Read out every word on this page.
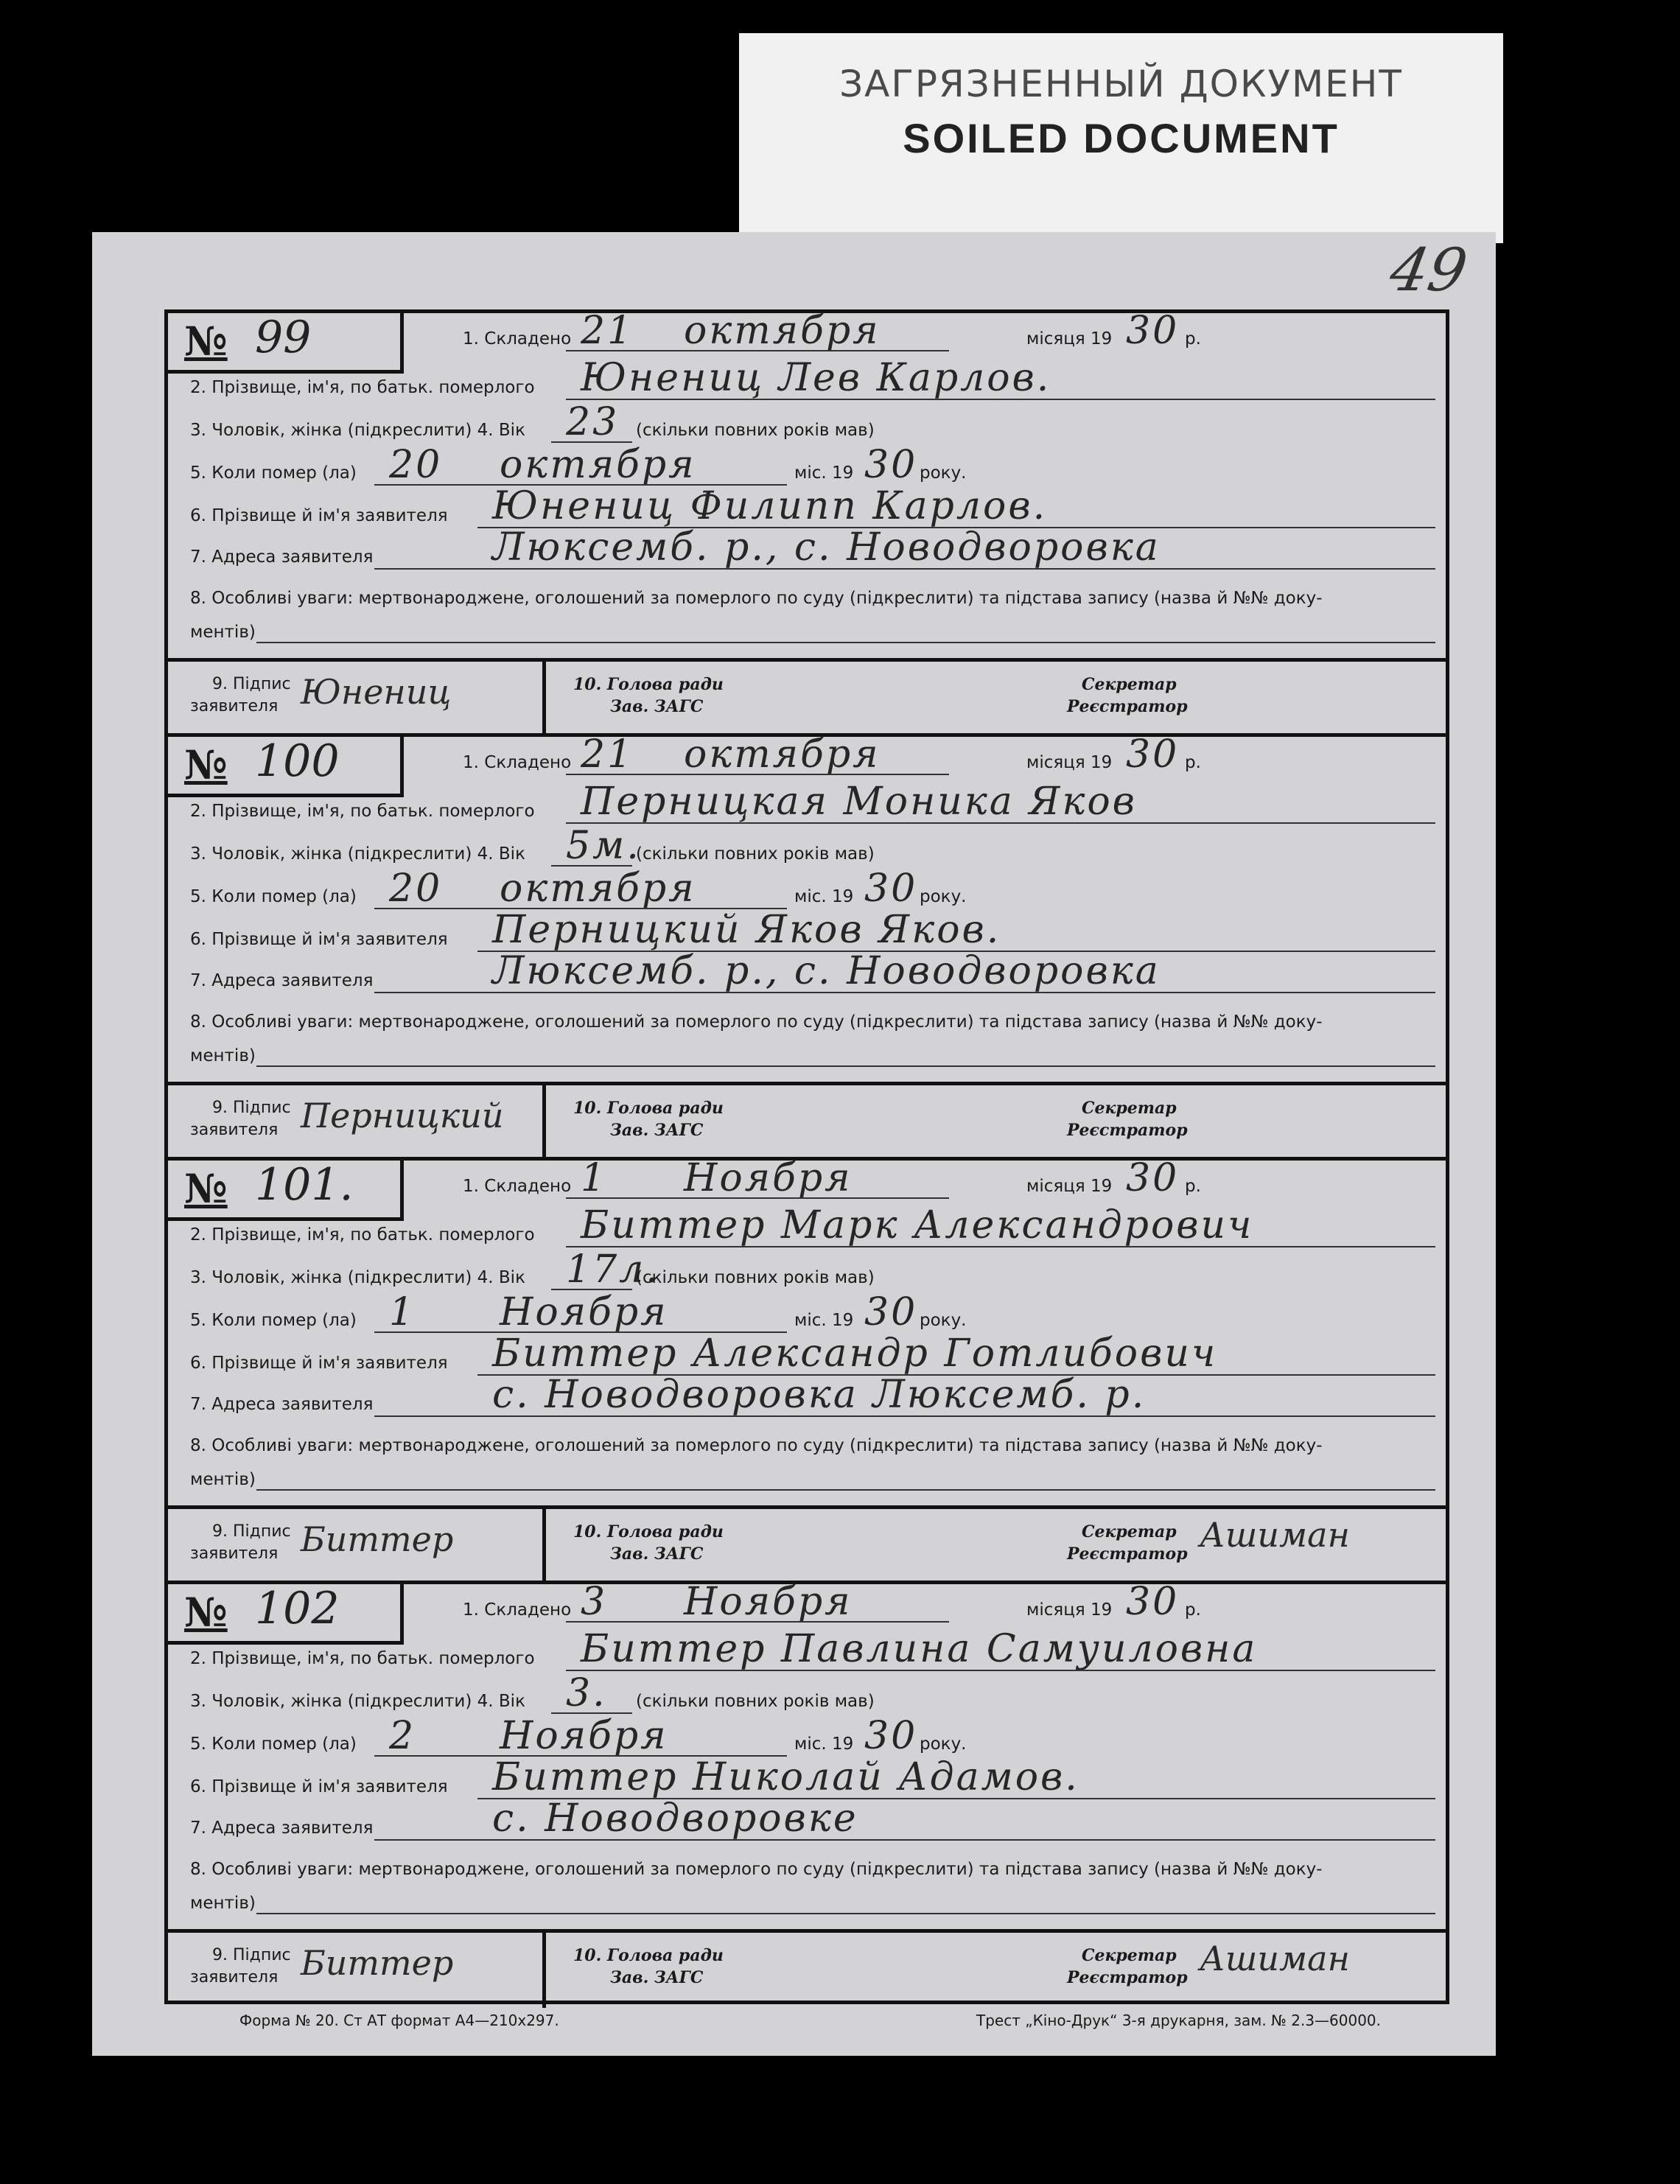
ЗАГРЯЗНЕННЫЙ ДОКУМЕНТ
SOILED DOCUMENT
49
№ 99	1. Складено 21 октября	місяця 19 30 р.
2. Прізвище, ім'я, по батьк. померлого Юнениц Лев Карлов.
3. Чоловік, жінка (підкреслити) 4. Вік 23 (скільки повних років мав)
5. Коли помер (ла) 20 октября	міс. 19 30 року.
6. Прізвище й ім'я заявителя Юнениц Филипп Карлов.
7. Адреса заявителя	Люксемб. р., с. Новодворовка
8. Особливі уваги: мертвонароджене, оголошений за померлого по суду (підкреслити) та підстава запису (назва й №№ доку-
ментів)
9. Підпис
заявителя Юнениц	10. Голова ради
Зав. ЗАГС
Секретар
Реєстратор
№ 100	1. Складено 21 октября	місяця 19 30 р.
2. Прізвище, ім'я, по батьк. померлого Перницкая Моника Яков
3. Чоловік, жінка (підкреслити) 4. Вік 5м.
(скільки повних років мав)
5. Коли помер (ла) 20 октября	міс. 19 30 року.
6. Прізвище й ім'я заявителя Перницкий Яков Яков.
7. Адреса заявителя	Люксемб. р., с. Новодворовка
8. Особливі уваги: мертвонароджене, оголошений за померлого по суду (підкреслити) та підстава запису (назва й №№ доку-
ментів)
9. Підпис
заявителя Перницкий	10. Голова ради
Зав. ЗАГС
Секретар
Реєстратор
№ 101.	1. Складено 1 Ноября	місяця 19 30 р.
2. Прізвище, ім'я, по батьк. померлого Биттер Марк Александрович
3. Чоловік, жінка (підкреслити) 4. Вік 17л.
(скільки повних років мав)
5. Коли помер (ла) 1 Ноября	міс. 19 30 року.
6. Прізвище й ім'я заявителя Биттер Александр Готлибович
7. Адреса заявителя	с. Новодворовка Люксемб. р.
8. Особливі уваги: мертвонароджене, оголошений за померлого по суду (підкреслити) та підстава запису (назва й №№ доку-
ментів)
9. Підпис
заявителя Биттер	10. Голова ради
Зав. ЗАГС
Секретар
Реєстратор Ашиман
№ 102	1. Складено 3 Ноября	місяця 19 30 р.
2. Прізвище, ім'я, по батьк. померлого Биттер Павлина Самуиловна
3. Чоловік, жінка (підкреслити) 4. Вік 3. (скільки повних років мав)
5. Коли помер (ла) 2 Ноября	міс. 19 30 року.
6. Прізвище й ім'я заявителя Биттер Николай Адамов.
7. Адреса заявителя	с. Новодворовке
8. Особливі уваги: мертвонароджене, оголошений за померлого по суду (підкреслити) та підстава запису (назва й №№ доку-
ментів)
9. Підпис
заявителя Биттер	10. Голова ради
Зав. ЗАГС
Секретар
Реєстратор Ашиман
Форма № 20. Ст АТ формат А4—210х297.	Трест „Кіно-Друк“ 3-я друкарня, зам. № 2.3—60000.
